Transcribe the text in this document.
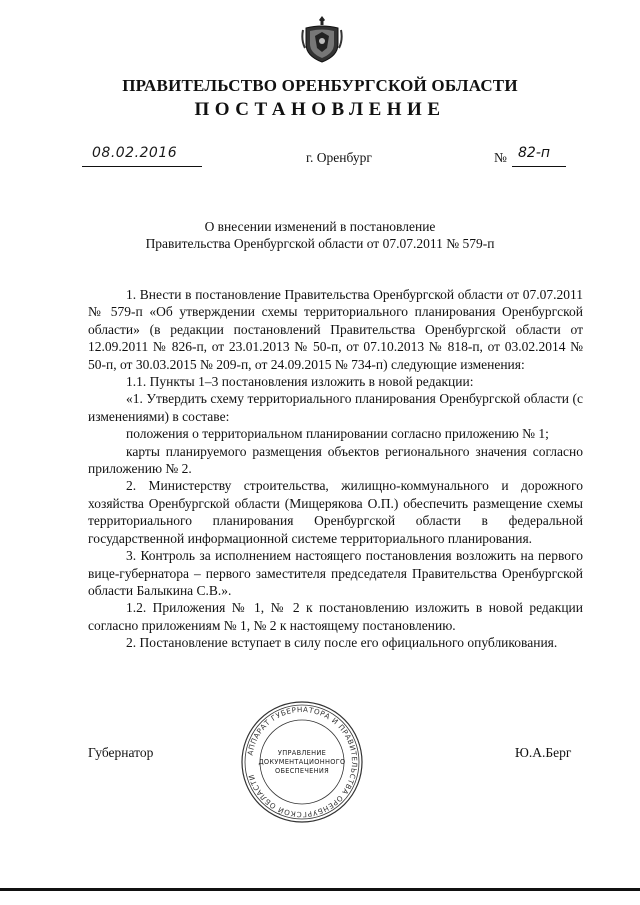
ПРАВИТЕЛЬСТВО ОРЕНБУРГСКОЙ ОБЛАСТИ
ПОСТАНОВЛЕНИЕ
08.02.2016	г. Оренбург	№ 82-п
О внесении изменений в постановление
Правительства Оренбургской области от 07.07.2011 № 579-п

1. Внести в постановление Правительства Оренбургской области от 07.07.2011 № 579-п «Об утверждении схемы территориального планирования Оренбургской области» (в редакции постановлений Правительства Оренбургской области от 12.09.2011 № 826-п, от 23.01.2013 № 50-п, от 07.10.2013 № 818-п, от 03.02.2014 № 50-п, от 30.03.2015 № 209-п, от 24.09.2015 № 734-п) следующие изменения:

1.1. Пункты 1–3 постановления изложить в новой редакции:

«1. Утвердить схему территориального планирования Оренбургской области (с изменениями) в составе:

положения о территориальном планировании согласно приложению № 1;

карты планируемого размещения объектов регионального значения согласно приложению № 2.

2. Министерству строительства, жилищно-коммунального и дорожного хозяйства Оренбургской области (Мищерякова О.П.) обеспечить размещение схемы территориального планирования Оренбургской области в федеральной государственной информационной системе территориального планирования.

3. Контроль за исполнением настоящего постановления возложить на первого вице-губернатора – первого заместителя председателя Правительства Оренбургской области Балыкина С.В.».

1.2. Приложения № 1, № 2 к постановлению изложить в новой редакции согласно приложениям № 1, № 2 к настоящему постановлению.

2. Постановление вступает в силу после его официального опубликования.

Губернатор	Ю.А.Берг
АППАРАТ ГУБЕРНАТОРА И ПРАВИТЕЛЬСТВА ОРЕНБУРГСКОЙ ОБЛАСТИ
УПРАВЛЕНИЕ
ДОКУМЕНТАЦИОННОГО
ОБЕСПЕЧЕНИЯ
